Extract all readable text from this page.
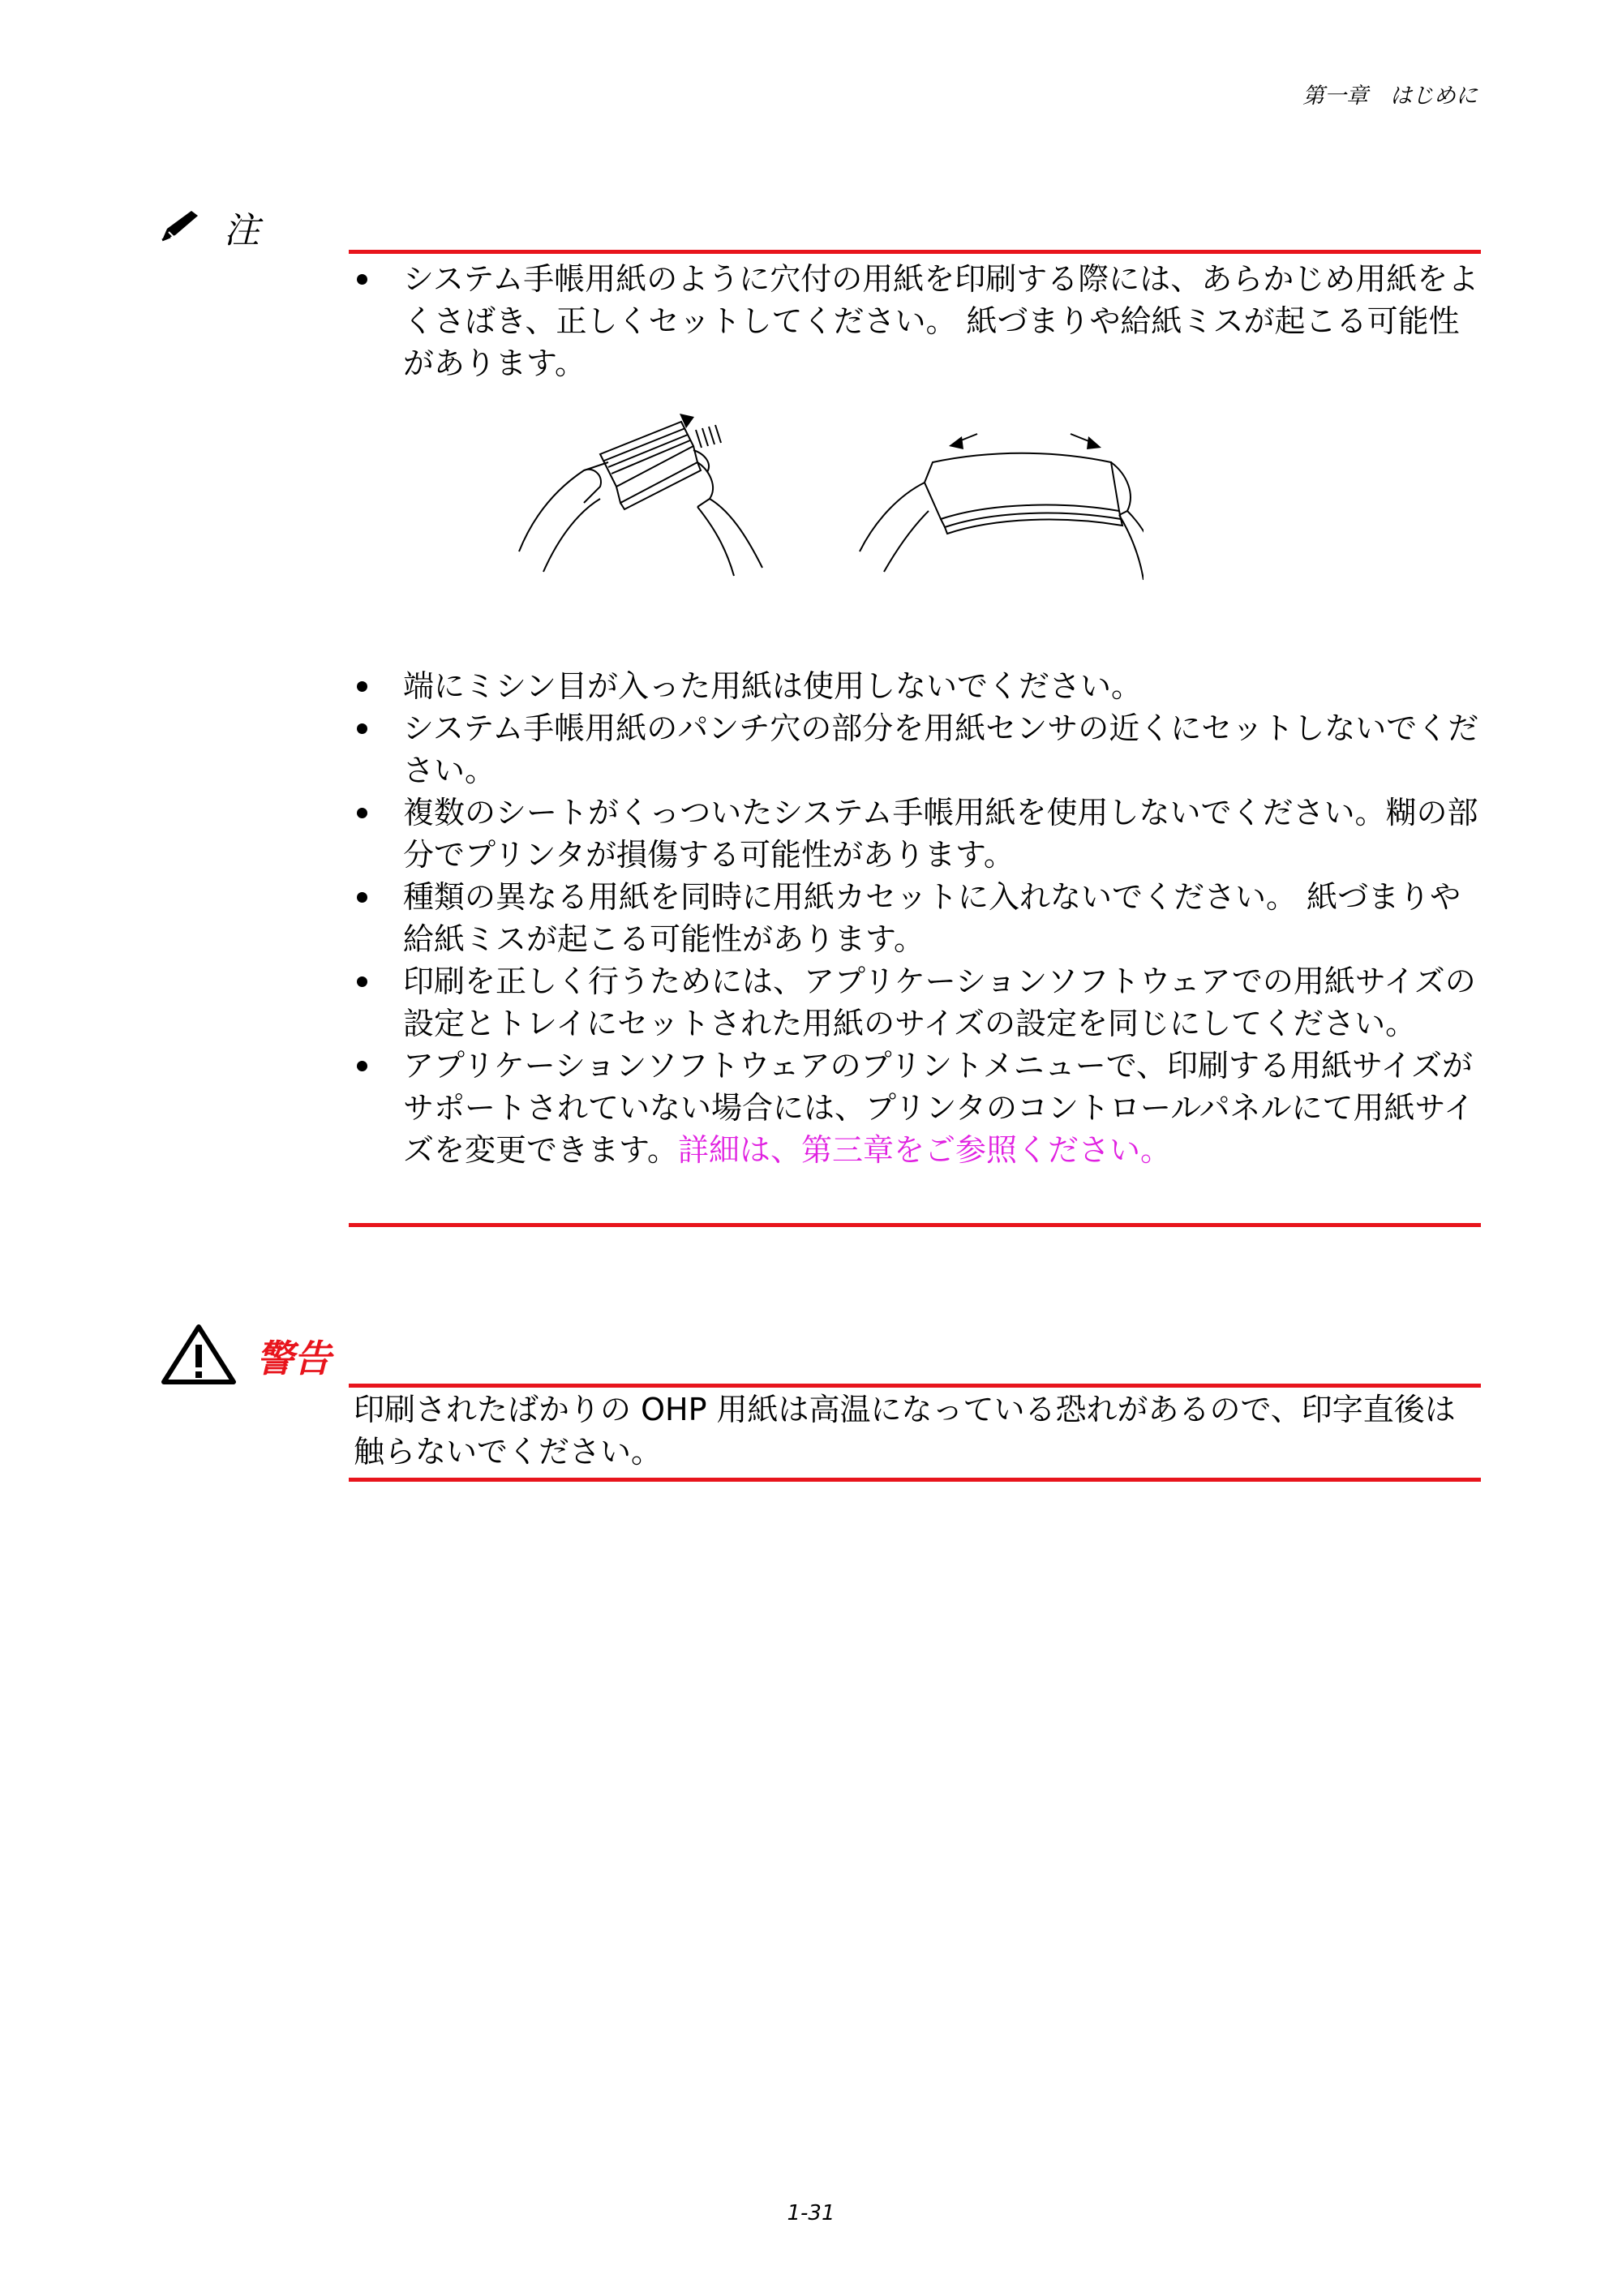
第一章　はじめに
注
システム手帳用紙のように穴付の用紙を印刷する際には、あらかじめ用紙をよくさばき、正しくセットしてください。 紙づまりや給紙ミスが起こる可能性があります。
端にミシン目が入った用紙は使用しないでください。
システム手帳用紙のパンチ穴の部分を用紙センサの近くにセットしないでください。
複数のシートがくっついたシステム手帳用紙を使用しないでください。糊の部分でプリンタが損傷する可能性があります。
種類の異なる用紙を同時に用紙カセットに入れないでください。 紙づまりや給紙ミスが起こる可能性があります。
印刷を正しく行うためには、アプリケーションソフトウェアでの用紙サイズの設定とトレイにセットされた用紙のサイズの設定を同じにしてください。
アプリケーションソフトウェアのプリントメニューで、印刷する用紙サイズがサポートされていない場合には、プリンタのコントロールパネルにて用紙サイズを変更できます。詳細は、第三章をご参照ください。
警告

印刷されたばかりの OHP 用紙は高温になっている恐れがあるので、印字直後は触らないでください。

1-31
